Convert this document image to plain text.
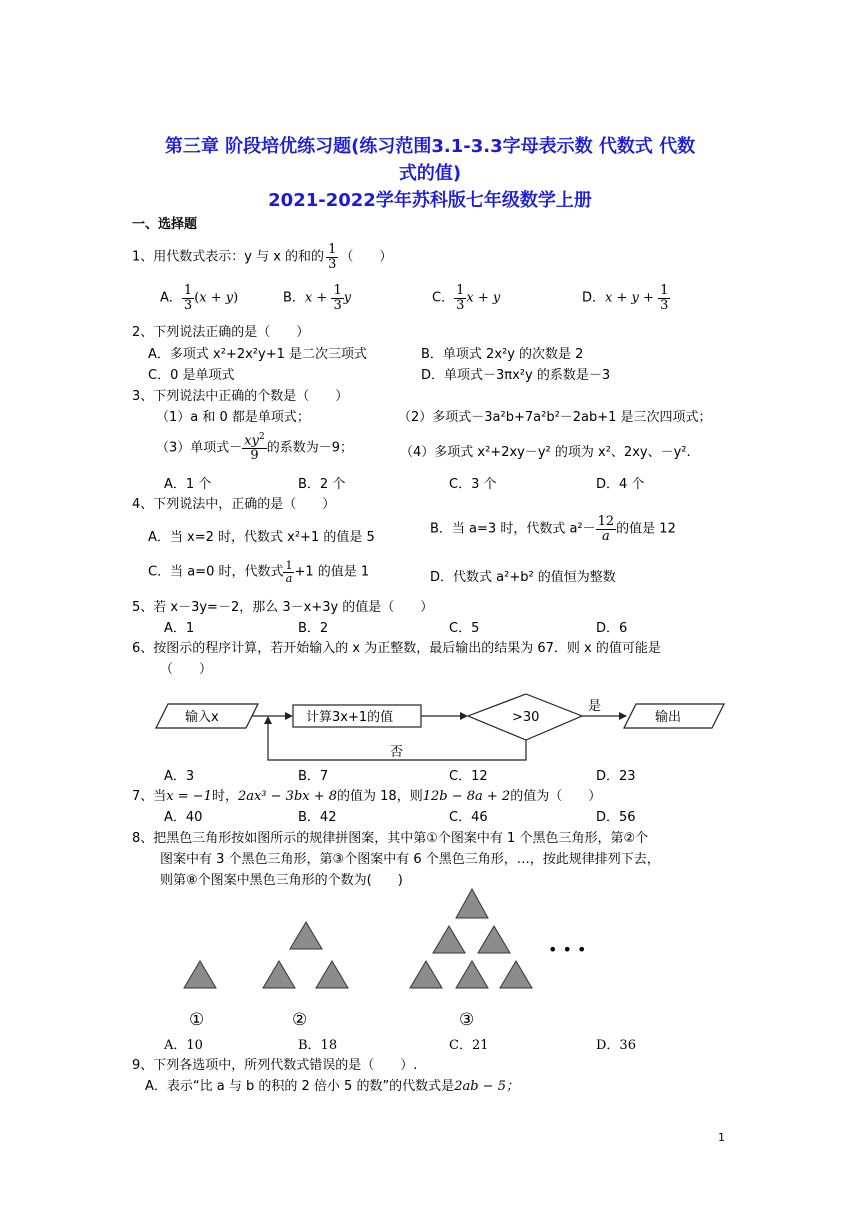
第三章 阶段培优练习题(练习范围3.1-3.3字母表示数 代数式 代数
式的值)
2021-2022学年苏科版七年级数学上册
一、选择题
1、用代数式表示：y 与 x 的和的 $\frac{1}{3}$ （　　）
A． $\frac{1}{3} (x + y)$	B．$x + \frac{1}{3}$ y	C． $\frac{1}{3}$ x + y	D．$x + y + \frac{1}{3}$
2、下列说法正确的是（　　）
A．多项式 x²+2x²y+1 是二次三项式	B．单项式 2x²y 的次数是 2
C．0 是单项式	D．单项式－3πx²y 的系数是－3
3、下列说法中正确的个数是（　　）
（1）a 和 0 都是单项式；	（2）多项式－3a²b+7a²b²－2ab+1 是三次四项式；
（3）单项式－ $\frac{xy^2}{9}$ 的系数为－9；	（4）多项式 x²+2xy－y² 的项为 x²、2xy、－y².
A．1 个	B．2 个	C．3 个	D．4 个
4、下列说法中，正确的是（　　）
A．当 x=2 时，代数式 x²+1 的值是 5
B．当 a=3 时，代数式 $a^2- \frac{12}{a}$ 的值是 12
C．当 a=0 时，代数式 $\frac{1}{a} +1$ 的值是 1	D．代数式 a²+b² 的值恒为整数
5、若 x－3y=－2，那么 3－x+3y 的值是（　　）
A．1	B．2	C．5	D．6
6、按图示的程序计算，若开始输入的 x 为正整数，最后输出的结果为 67．则 x 的值可能是
（　　）
输入x	计算3x+1的值	>30
是
否
输出
A．3	B．7	C．12	D．23
7、当x = −1时，2ax³ − 3bx + 8的值为 18，则12b − 8a + 2的值为（　　）
A．40	B．42	C．46	D．56
8、把黑色三角形按如图所示的规律拼图案，其中第①个图案中有 1 个黑色三角形，第②个
图案中有 3 个黑色三角形，第③个图案中有 6 个黑色三角形，…，按此规律排列下去，
则第⑧个图案中黑色三角形的个数为(　　)
①	②	③
• • •
A．10	B．18	C．21	D．36
9、下列各选项中，所列代数式错误的是（　　）.
A．表示“比 a 与 b 的积的 2 倍小 5 的数”的代数式是2ab − 5；
1
